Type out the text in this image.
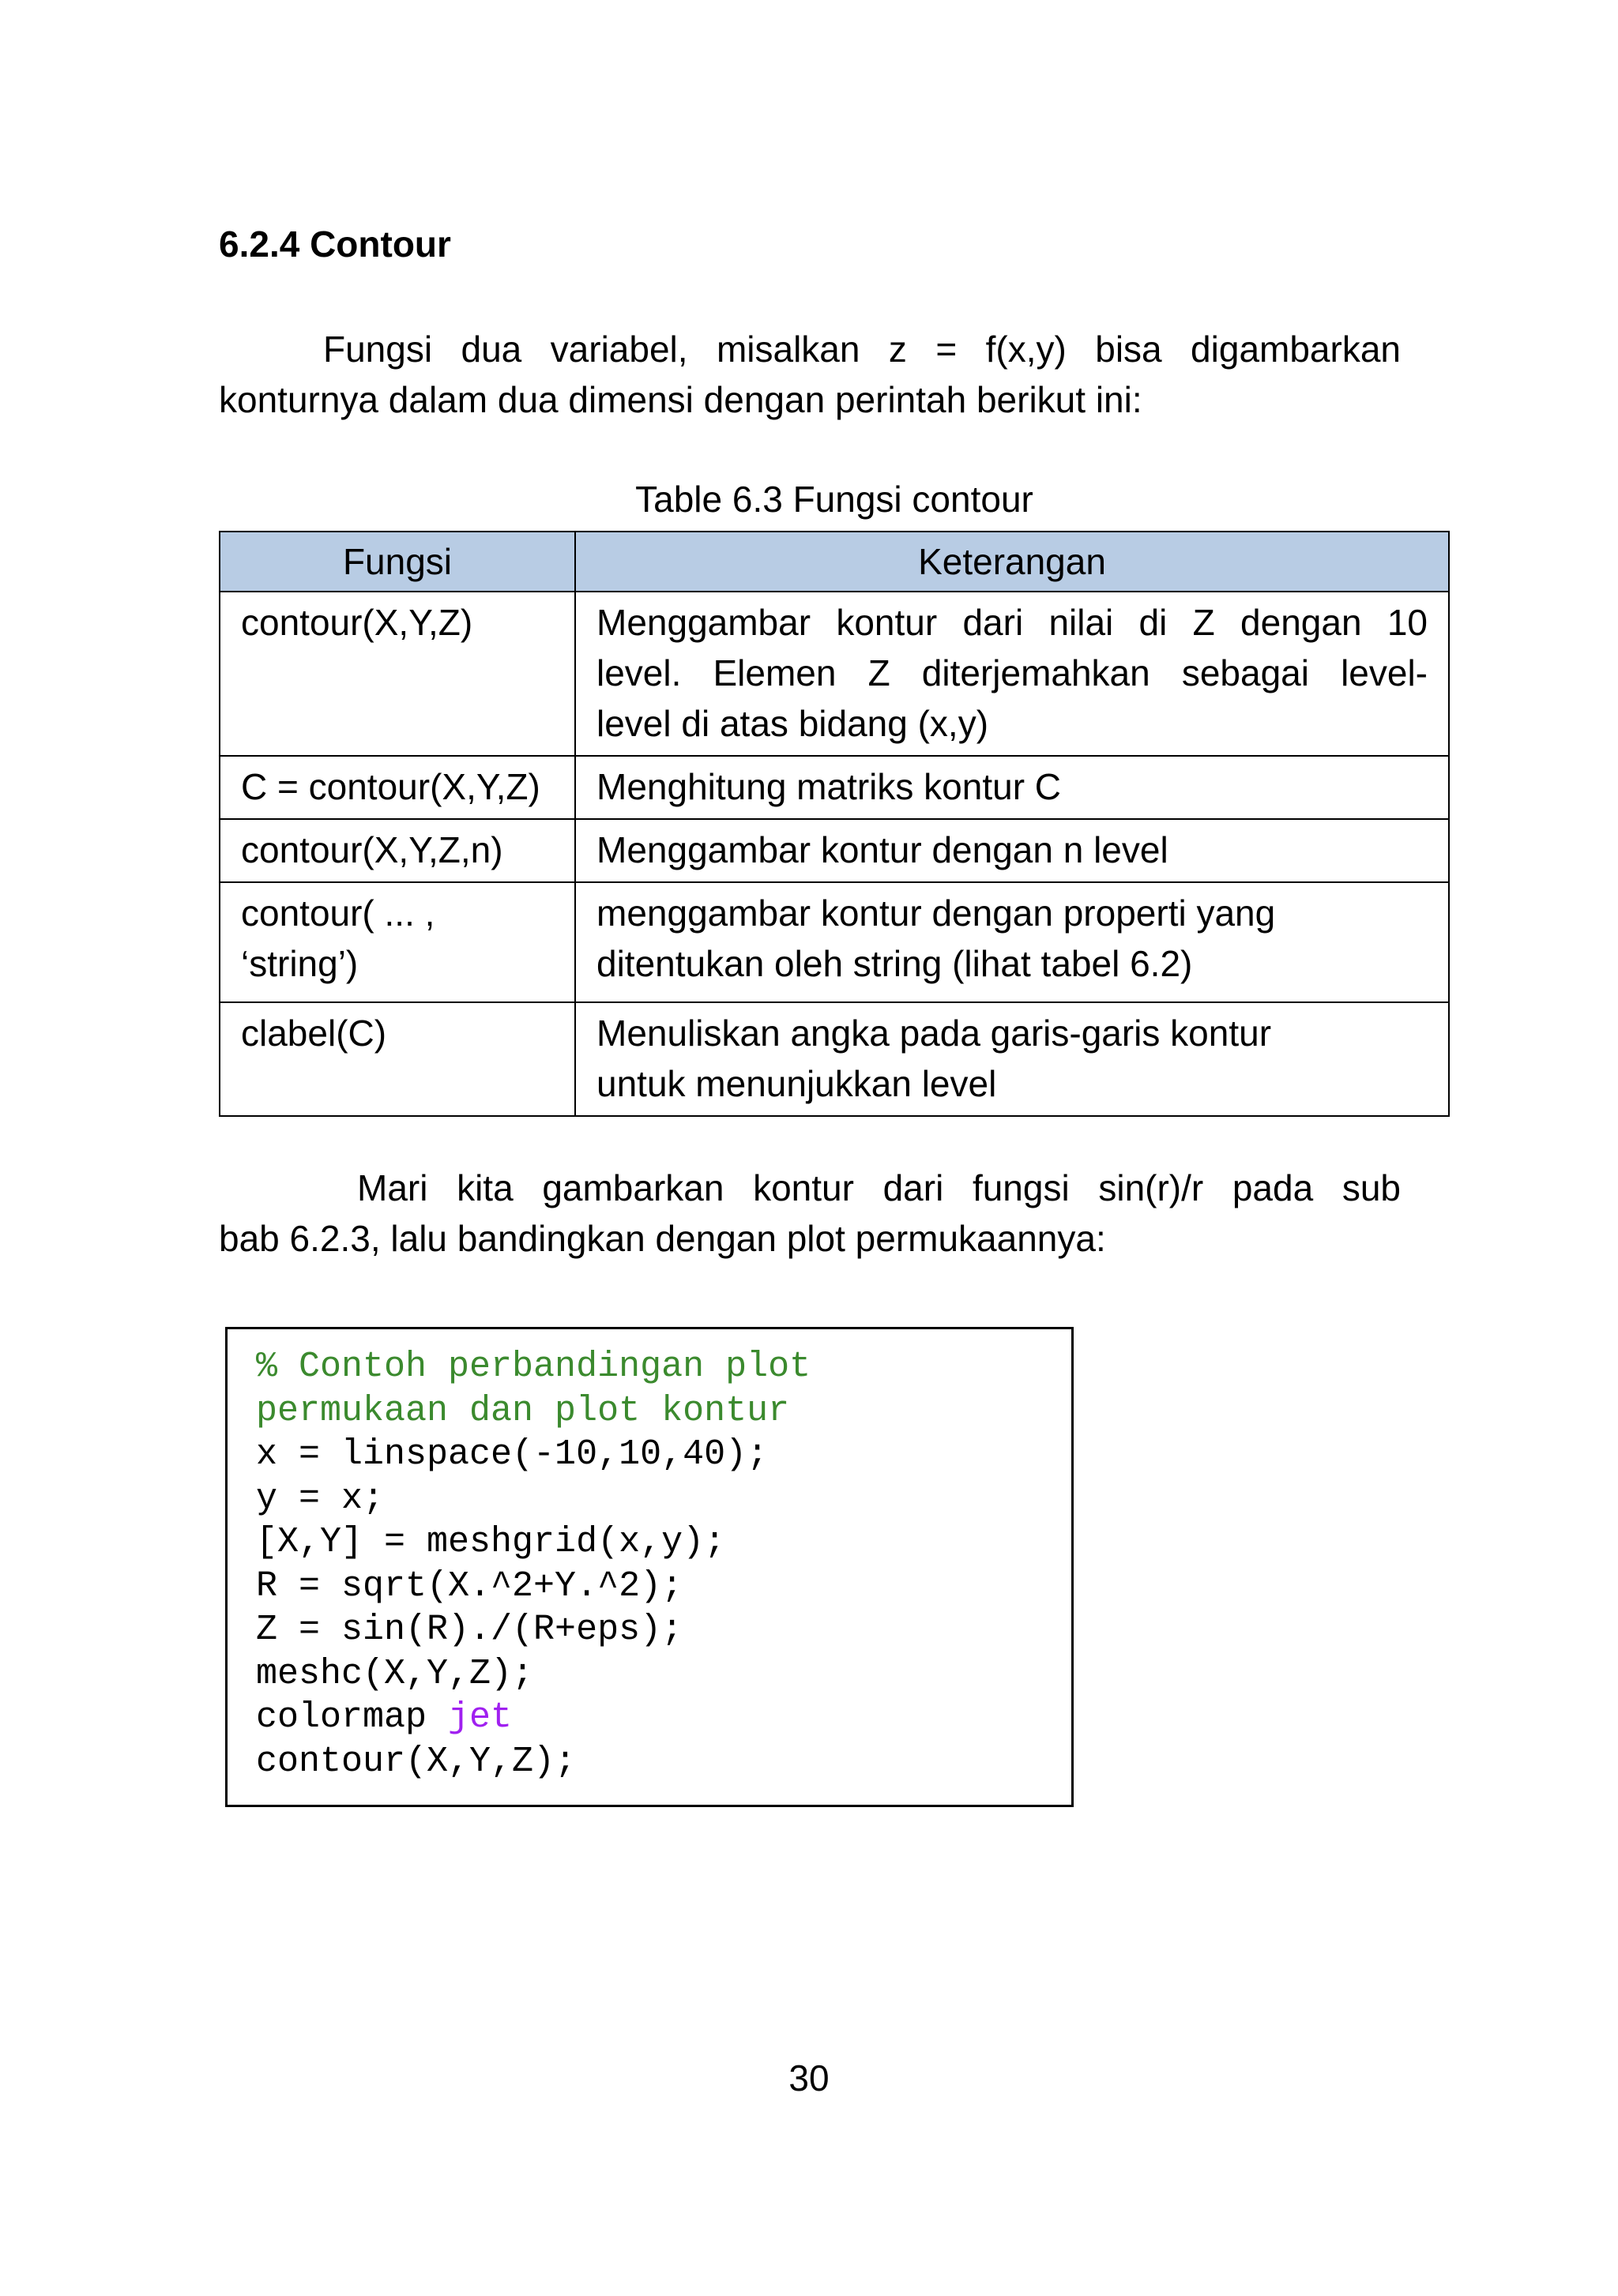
6.2.4 Contour
Fungsi dua variabel, misalkan z = f(x,y) bisa digambarkan
konturnya dalam dua dimensi dengan perintah berikut ini:

Table 6.3 Fungsi contour

Fungsi	Keterangan

contour(X,Y,Z)	Menggambar kontur dari nilai di Z dengan 10
level. Elemen Z diterjemahkan sebagai level-
level di atas bidang (x,y)

C = contour(X,Y,Z)	Menghitung matriks kontur C

contour(X,Y,Z,n)	Menggambar kontur dengan n level

contour( ... ,
‘string’)	menggambar kontur dengan properti yang
ditentukan oleh string (lihat tabel 6.2)

clabel(C)	Menuliskan angka pada garis-garis kontur
untuk menunjukkan level
Mari kita gambarkan kontur dari fungsi sin(r)/r pada sub
bab 6.2.3, lalu bandingkan dengan plot permukaannya:
% Contoh perbandingan plot
permukaan dan plot kontur
x = linspace(-10,10,40);
y = x;
[X,Y] = meshgrid(x,y);
R = sqrt(X.^2+Y.^2);
Z = sin(R)./(R+eps);
meshc(X,Y,Z);
colormap jet
contour(X,Y,Z);

30
